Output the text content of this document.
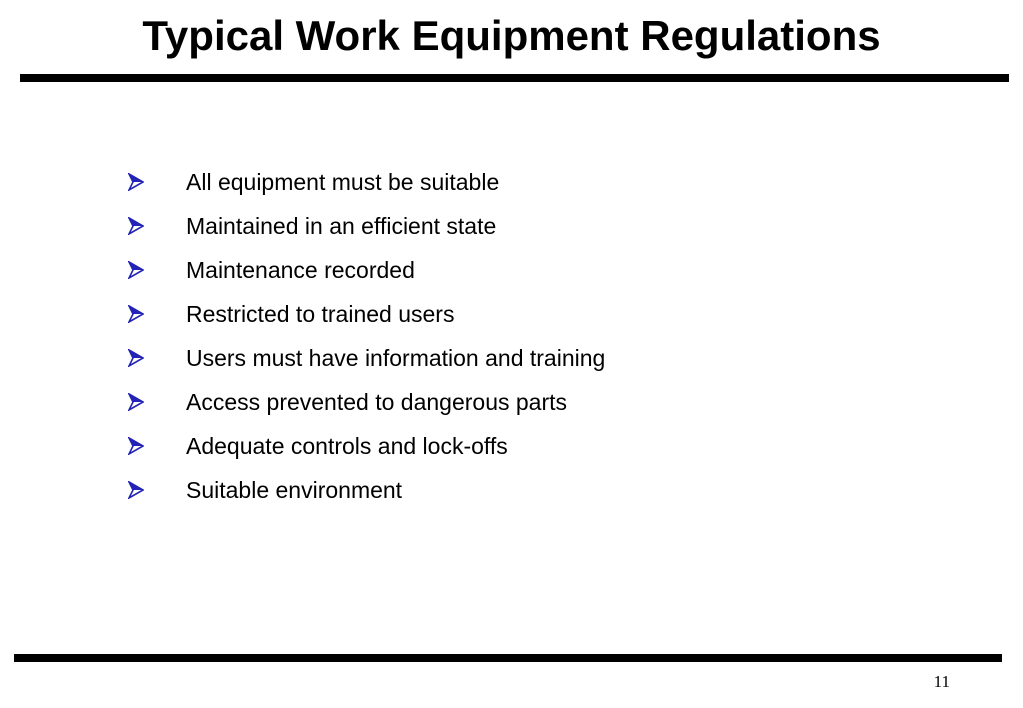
Typical Work Equipment Regulations
All equipment must be suitable
Maintained in an efficient state
Maintenance recorded
Restricted to trained users
Users must have information and training
Access prevented to dangerous parts
Adequate controls and lock-offs
Suitable environment
11
